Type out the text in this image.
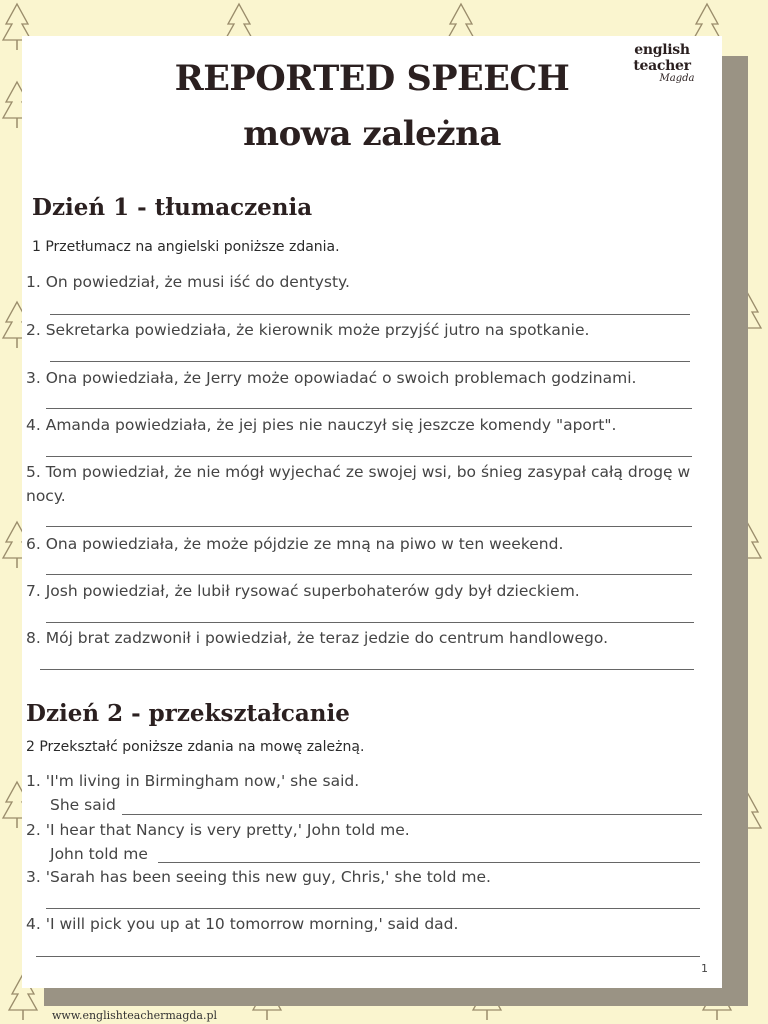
english teacher
Magda
REPORTED SPEECH
mowa zależna
Dzień 1 - tłumaczenia

1 Przetłumacz na angielski poniższe zdania.

1. On powiedział, że musi iść do dentysty.
2. Sekretarka powiedziała, że kierownik może przyjść jutro na spotkanie.
3. Ona powiedziała, że Jerry może opowiadać o swoich problemach godzinami.
4. Amanda powiedziała, że jej pies nie nauczył się jeszcze komendy "aport".
5. Tom powiedział, że nie mógł wyjechać ze swojej wsi, bo śnieg zasypał całą drogę w nocy.
6. Ona powiedziała, że może pójdzie ze mną na piwo w ten weekend.
7. Josh powiedział, że lubił rysować superbohaterów gdy był dzieckiem.
8. Mój brat zadzwonił i powiedział, że teraz jedzie do centrum handlowego.
Dzień 2 - przekształcanie

2 Przekształć poniższe zdania na mowę zależną.

1. 'I'm living in Birmingham now,' she said.
She said
2. 'I hear that Nancy is very pretty,' John told me.
John told me
3. 'Sarah has been seeing this new guy, Chris,' she told me.
4. 'I will pick you up at 10 tomorrow morning,' said dad.
1
www.englishteachermagda.pl
